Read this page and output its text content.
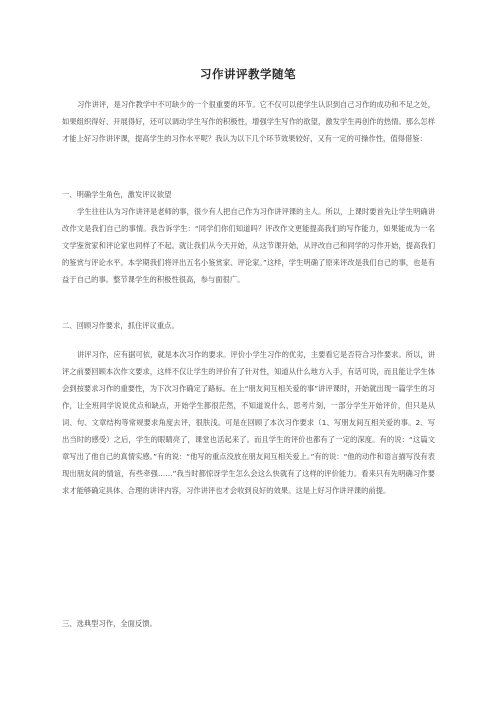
习作讲评教学随笔
习作讲评，是习作教学中不可缺少的一个很重要的环节。它不仅可以使学生认识到自己习作的成功和不足之处，如果组织得好、开展得好，还可以调动学生写作的积极性，增强学生写作的欲望，激发学生再创作的热情。那么怎样才能上好习作讲评课，提高学生的习作水平呢？我认为以下几个环节效果较好，又有一定的可操作性，值得借鉴：
一、明确学生角色，激发评议欲望
学生往往认为习作讲评是老师的事，很少有人把自己作为习作讲评课的主人。所以，上课时要首先让学生明确讲改作文是我们自己的事情。我告诉学生：“同学们你们知道吗？评改作文更能提高我们的写作能力，如果能成为一名文学鉴赏家和评论家也同样了不起。就让我们从今天开始，从这节课开始，从评改自己和同学的习作开始，提高我们的鉴赏与评论水平。本学期我们将评出五名小鉴赏家、评论家。”这样，学生明确了原来评改是我们自己的事，也是有益于自己的事。整节课学生的积极性很高，参与面很广。
二、回顾习作要求，抓住评议重点。
讲评习作，应有据可依，就是本次习作的要求。评价小学生习作的优劣，主要看它是否符合习作要求。所以，讲评之前要回顾本次作文要求，这样不仅让学生的评价有了针对性，知道从什么地方入手，有话可说，而且能让学生体会到按要求习作的重要性，为下次习作确定了路标。在上“朋友间互相关爱的事”讲评课时，开始就出现一篇学生的习作，让全班同学说说优点和缺点，开始学生都很茫然，不知道说什么，思考片刻，一部分学生开始评价，但只是从词、句、文章结构等常规要求角度去评，很肤浅。可是在回顾了本次习作要求（1、写朋友间互相关爱的事。2、写出当时的感受）之后，学生的眼睛亮了，课堂也活起来了。而且学生的评价也都有了一定的深度。有的说：“这篇文章写出了他自己的真情实感。”有的说：“他写的重点没放在朋友间互相关爱上。”有的说：“他的动作和语言描写没有表现出朋友间的情谊，有些牵强……”我当时都惊讶学生怎么会这么快就有了这样的评价能力。看来只有先明确习作要求才能够确定具体、合理的讲评内容，习作讲评也才会收到良好的效果。这是上好习作讲评课的前提。
三、选典型习作，全面反馈。
